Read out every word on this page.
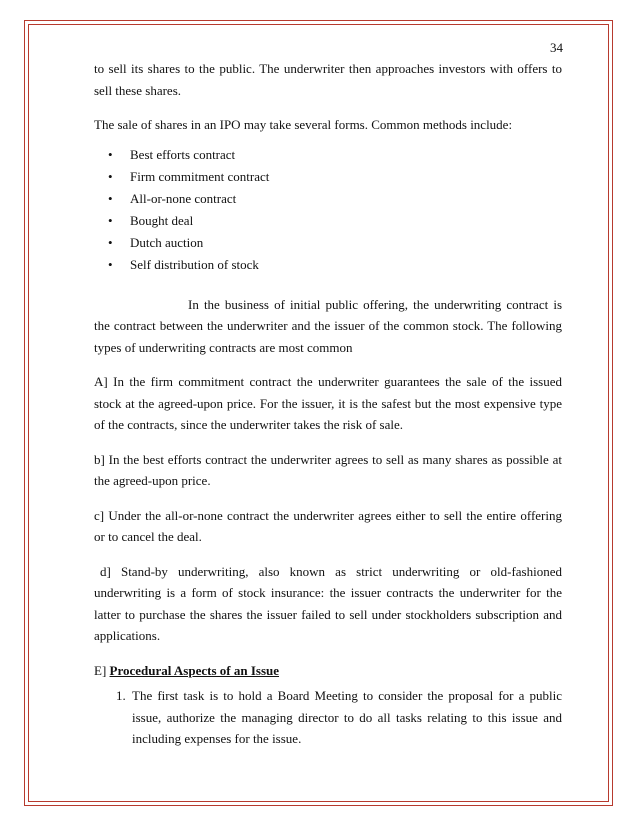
34

to sell its shares to the public. The underwriter then approaches investors with offers to sell these shares.

The sale of shares in an IPO may take several forms. Common methods include:

• Best efforts contract
• Firm commitment contract
• All-or-none contract
• Bought deal
• Dutch auction
• Self distribution of stock

In the business of initial public offering, the underwriting contract is the contract between the underwriter and the issuer of the common stock. The following types of underwriting contracts are most common

A] In the firm commitment contract the underwriter guarantees the sale of the issued stock at the agreed-upon price. For the issuer, it is the safest but the most expensive type of the contracts, since the underwriter takes the risk of sale.

b] In the best efforts contract the underwriter agrees to sell as many shares as possible at the agreed-upon price.

c] Under the all-or-none contract the underwriter agrees either to sell the entire offering or to cancel the deal.

d] Stand-by underwriting, also known as strict underwriting or old-fashioned underwriting is a form of stock insurance: the issuer contracts the underwriter for the latter to purchase the shares the issuer failed to sell under stockholders subscription and applications.

E] Procedural Aspects of an Issue

1. The first task is to hold a Board Meeting to consider the proposal for a public issue, authorize the managing director to do all tasks relating to this issue and including expenses for the issue.
